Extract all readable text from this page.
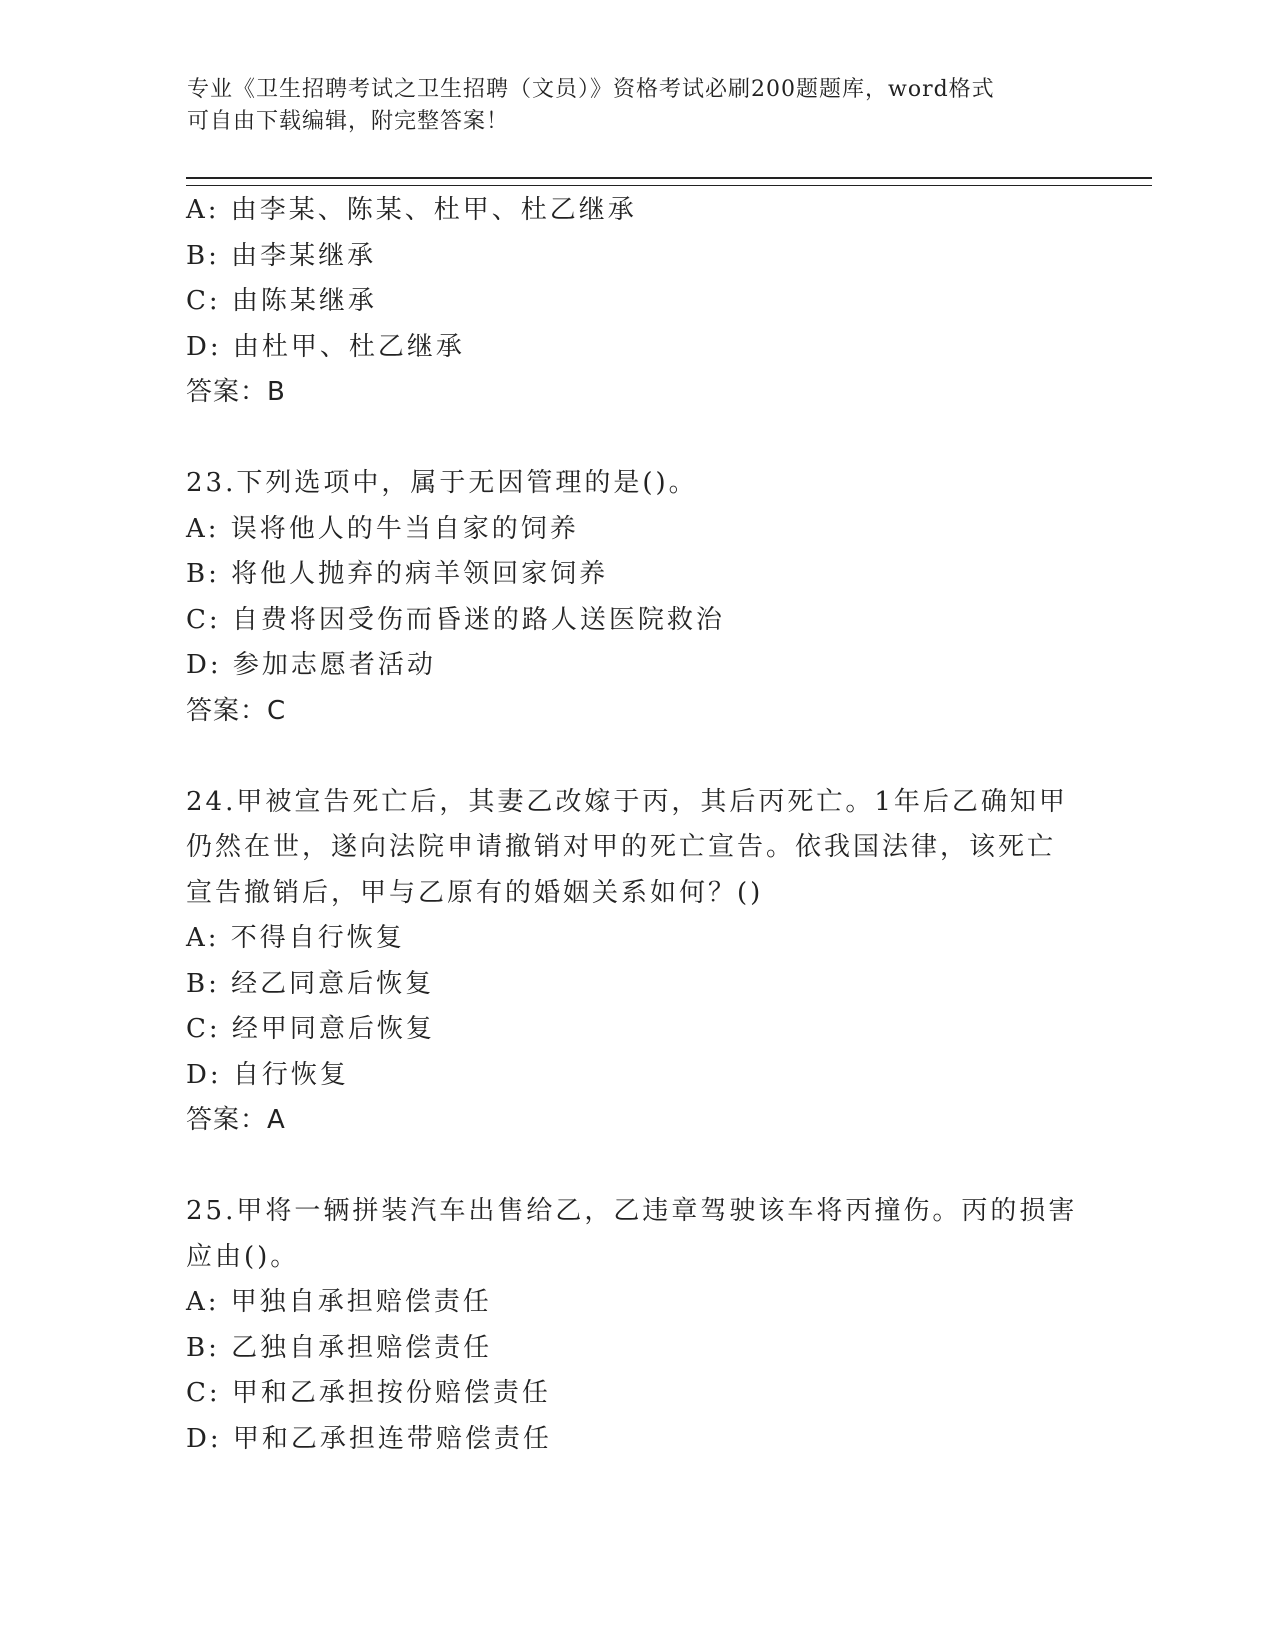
专业《卫生招聘考试之卫生招聘（文员）》资格考试必刷200题题库，word格式
可自由下载编辑，附完整答案！
A: 由李某、陈某、杜甲、杜乙继承
B: 由李某继承
C: 由陈某继承
D: 由杜甲、杜乙继承
答案：B
23.下列选项中，属于无因管理的是()。
A: 误将他人的牛当自家的饲养
B: 将他人抛弃的病羊领回家饲养
C: 自费将因受伤而昏迷的路人送医院救治
D: 参加志愿者活动
答案：C
24.甲被宣告死亡后，其妻乙改嫁于丙，其后丙死亡。1年后乙确知甲
仍然在世，遂向法院申请撤销对甲的死亡宣告。依我国法律，该死亡
宣告撤销后，甲与乙原有的婚姻关系如何？()
A: 不得自行恢复
B: 经乙同意后恢复
C: 经甲同意后恢复
D: 自行恢复
答案：A
25.甲将一辆拼装汽车出售给乙，乙违章驾驶该车将丙撞伤。丙的损害
应由()。
A: 甲独自承担赔偿责任
B: 乙独自承担赔偿责任
C: 甲和乙承担按份赔偿责任
D: 甲和乙承担连带赔偿责任
